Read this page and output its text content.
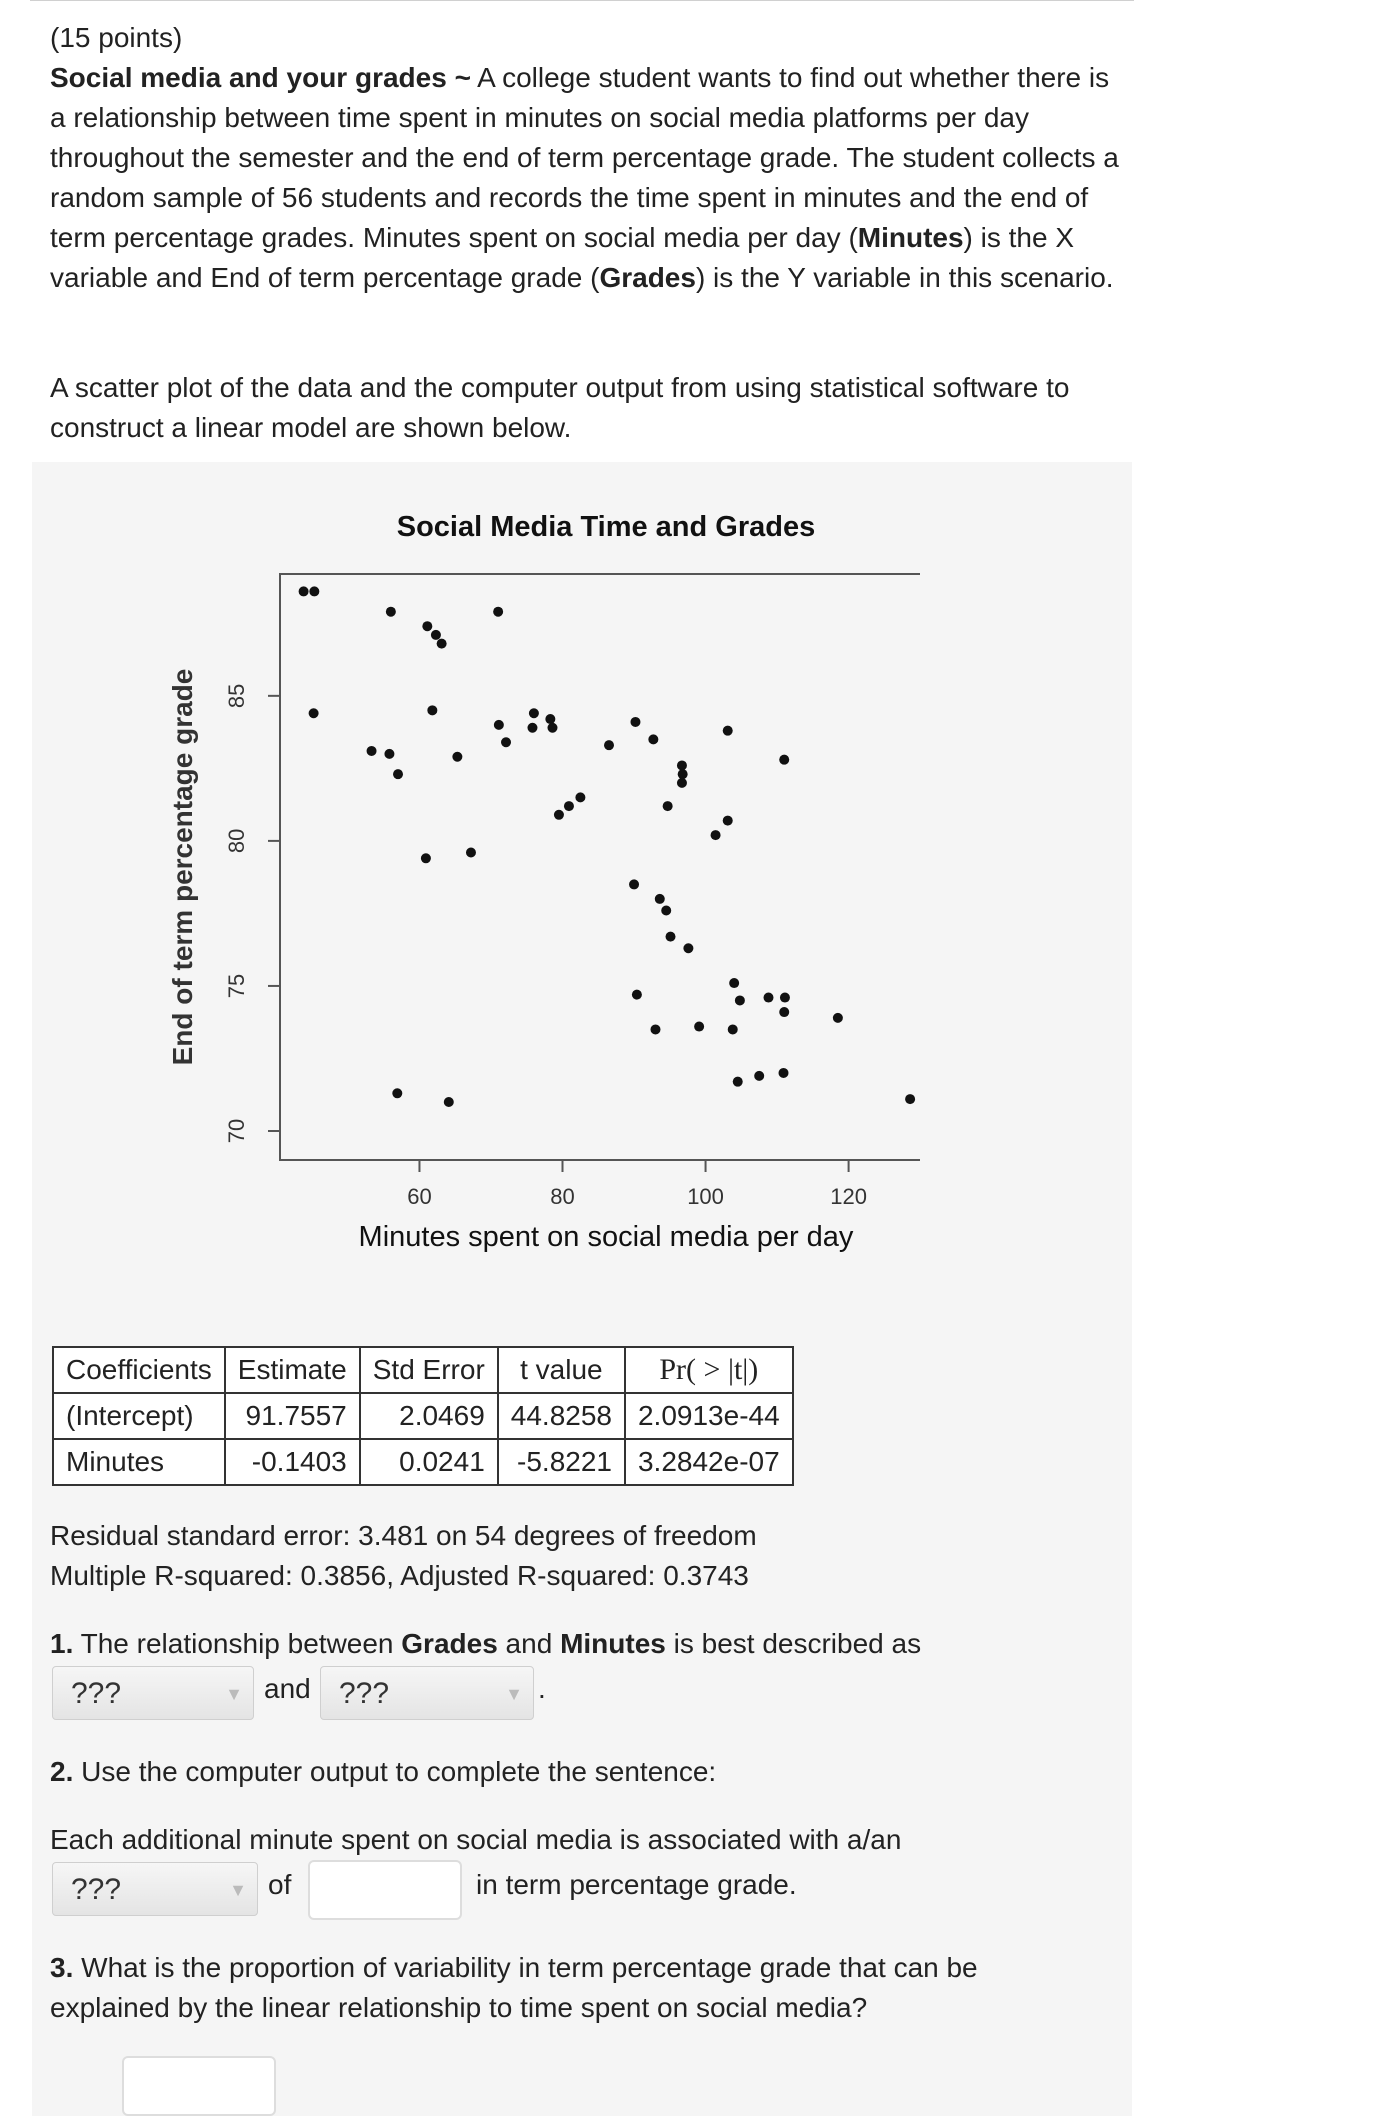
(15 points)

Social media and your grades ~ A college student wants to find out whether there is a relationship between time spent in minutes on social media platforms per day throughout the semester and the end of term percentage grade. The student collects a random sample of 56 students and records the time spent in minutes and the end of term percentage grades. Minutes spent on social media per day (Minutes) is the X variable and End of term percentage grade (Grades) is the Y variable in this scenario.

A scatter plot of the data and the computer output from using statistical software to construct a linear model are shown below.

Social Media Time and Grades
60	80	100	120
70
75
80
85
Minutes spent on social media per day
End of term percentage grade
Coefficients	Estimate	Std Error	t value	Pr( > |t|)
(Intercept)	91.7557	2.0469	44.8258	2.0913e-44
Minutes	-0.1403	0.0241	-5.8221	3.2842e-07
Residual standard error: 3.481 on 54 degrees of freedom
Multiple R-squared: 0.3856, Adjusted R-squared: 0.3743

1. The relationship between Grades and Minutes is best described as

???	▼ and ???	▼ .

2. Use the computer output to complete the sentence:

Each additional minute spent on social media is associated with a/an

???	▼ of	in term percentage grade.

3. What is the proportion of variability in term percentage grade that can be explained by the linear relationship to time spent on social media?
